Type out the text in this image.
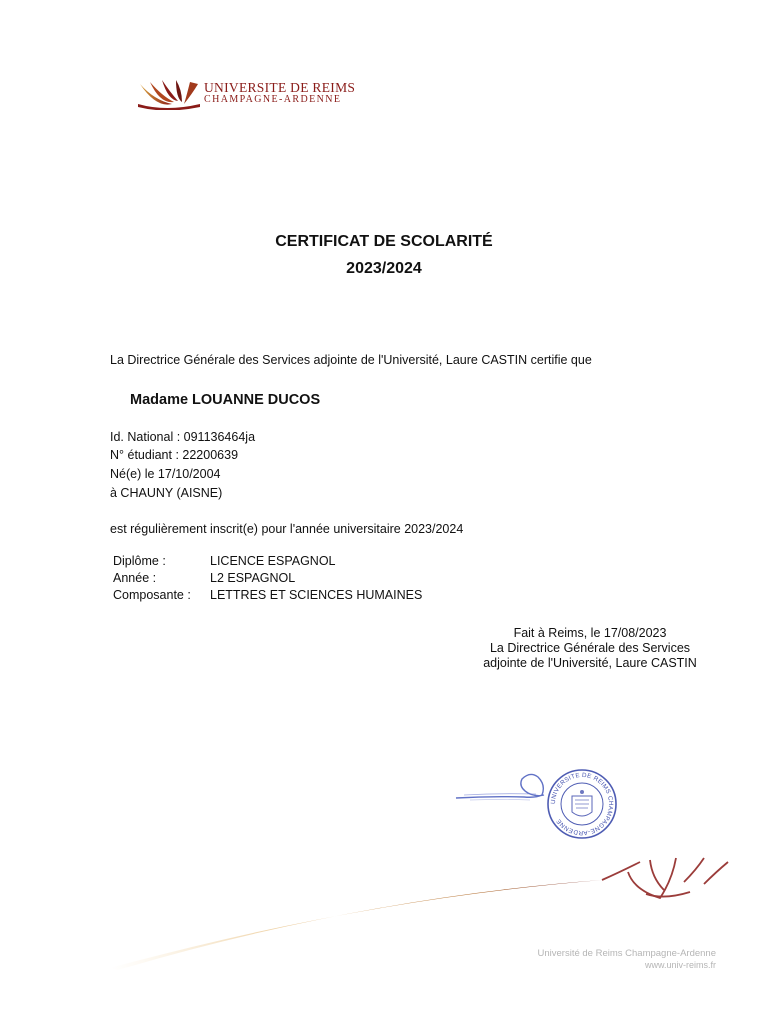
UNIVERSITE DE REIMS
CHAMPAGNE-ARDENNE
CERTIFICAT DE SCOLARITÉ
2023/2024
La Directrice Générale des Services adjointe de l'Université, Laure CASTIN certifie que
Madame LOUANNE DUCOS
Id. National : 091136464ja
N° étudiant : 22200639
Né(e) le 17/10/2004
à CHAUNY (AISNE)
est régulièrement inscrit(e) pour l'année universitaire 2023/2024
Diplôme :	LICENCE ESPAGNOL
Année :	L2 ESPAGNOL
Composante : LETTRES ET SCIENCES HUMAINES
Fait à Reims, le 17/08/2023
La Directrice Générale des Services
adjointe de l'Université, Laure CASTIN
UNIVERSITE DE REIMS CHAMPAGNE-ARDENNE
Université de Reims Champagne-Ardenne
www.univ-reims.fr
